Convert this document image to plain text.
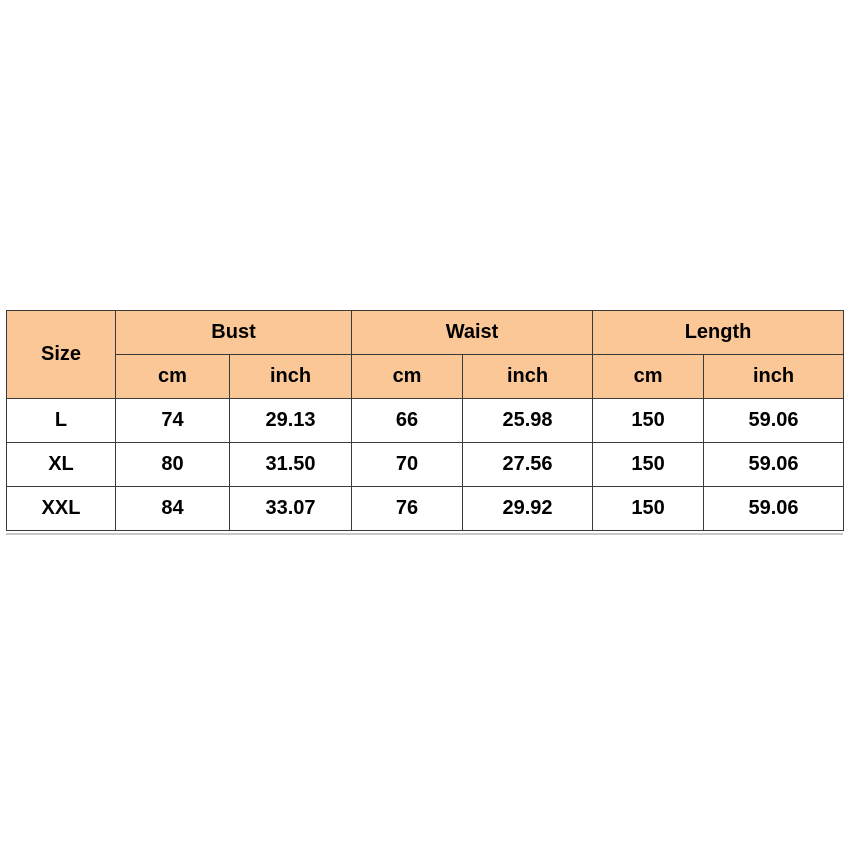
Size	Bust		Waist		Length	
	cm	inch	cm	inch	cm	inch
L	74	29.13	66	25.98	150	59.06
XL	80	31.50	70	27.56	150	59.06
XXL	84	33.07	76	29.92	150	59.06
